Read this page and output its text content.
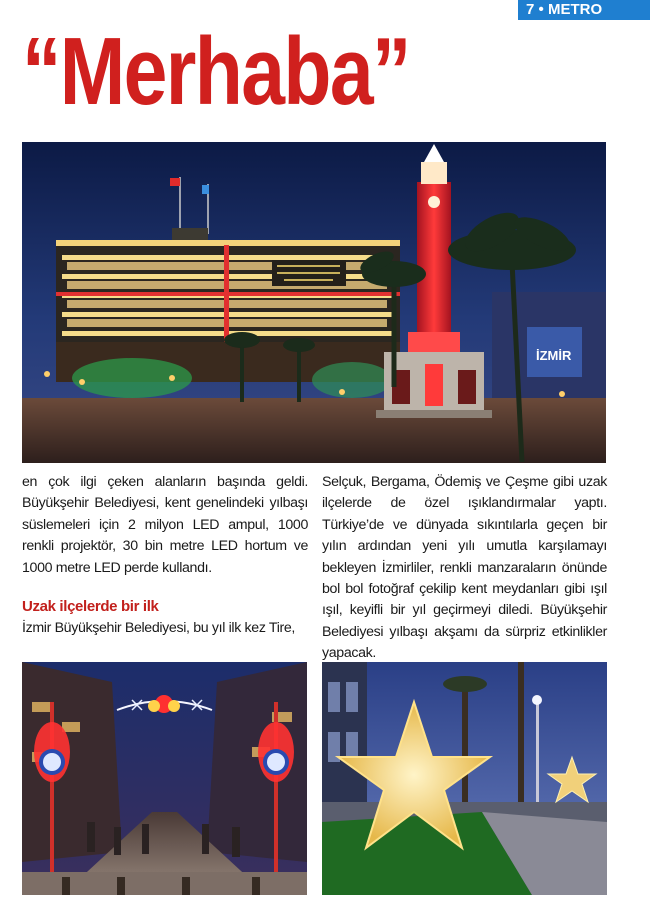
7 • METRO
“Merhaba”
İZMİR

en çok ilgi çeken alanların başında geldi. Büyükşehir Belediyesi, kent genelindeki yılbaşı süslemeleri için 2 milyon LED ampul, 1000 renkli projektör, 30 bin metre LED hortum ve 1000 metre LED perde kullandı.

Uzak ilçelerde bir ilk

İzmir Büyükşehir Belediyesi, bu yıl ilk kez Tire,

Selçuk, Bergama, Ödemiş ve Çeşme gibi uzak ilçelerde de özel ışıklandırmalar yaptı. Türkiye’de ve dünyada sıkıntılarla geçen bir yılın ardından yeni yılı umutla karşılamayı bekleyen İzmirliler, renkli manzaraların önünde bol bol fotoğraf çekilip kent meydanları gibi ışıl ışıl, keyifli bir yıl geçirmeyi diledi. Büyükşehir Belediyesi yılbaşı akşamı da sürpriz etkinlikler yapacak.
